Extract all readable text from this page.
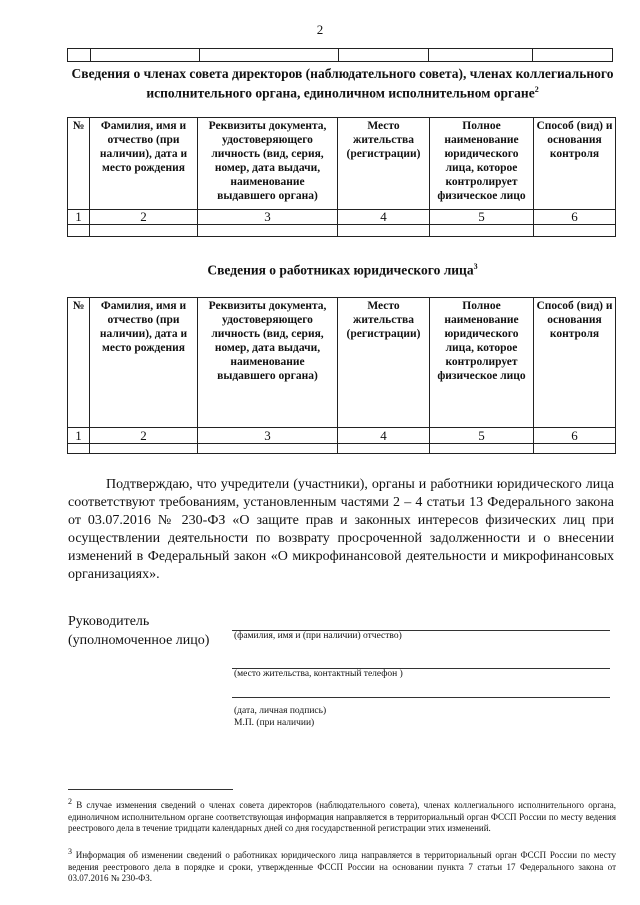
2

Сведения о членах совета директоров (наблюдательного совета), членах коллегиального исполнительного органа, единоличном исполнительном органе$^2$
№	Фамилия, имя и отчество (при наличии), дата и место рождения	Реквизиты документа, удостоверяющего личность (вид, серия, номер, дата выдачи, наименование выдавшего органа)	Место жительства (регистрации)	Полное наименование юридического лица, которое контролирует физическое лицо	Способ (вид) и основания контроля
1	2	3	4	5	6

Сведения о работниках юридического лица$^3$
№	Фамилия, имя и отчество (при наличии), дата и место рождения	Реквизиты документа, удостоверяющего личность (вид, серия, номер, дата выдачи, наименование выдавшего органа)	Место жительства (регистрации)	Полное наименование юридического лица, которое контролирует физическое лицо	Способ (вид) и основания контроля
1	2	3	4	5	6

Подтверждаю, что учредители (участники), органы и работники юридического лица соответствуют требованиям, установленным частями 2 – 4 статьи 13 Федерального закона от 03.07.2016 № 230-ФЗ «О защите прав и законных интересов физических лиц при осуществлении деятельности по возврату просроченной задолженности и о внесении изменений в Федеральный закон «О микрофинансовой деятельности и микрофинансовых организациях».

Руководитель
(уполномоченное лицо)	(фамилия, имя и (при наличии) отчество)
(место жительства, контактный телефон )
(дата, личная подпись)
М.П. (при наличии)

$^2$ В случае изменения сведений о членах совета директоров (наблюдательного совета), членах коллегиального исполнительного органа, единоличном исполнительном органе соответствующая информация направляется в территориальный орган ФССП России по месту ведения реестрового дела в течение тридцати календарных дней со дня государственной регистрации этих изменений.

$^3$ Информация об изменении сведений о работниках юридического лица направляется в территориальный орган ФССП России по месту ведения реестрового дела в порядке и сроки, утвержденные ФССП России на основании пункта 7 статьи 17 Федерального закона от 03.07.2016 № 230-ФЗ.
